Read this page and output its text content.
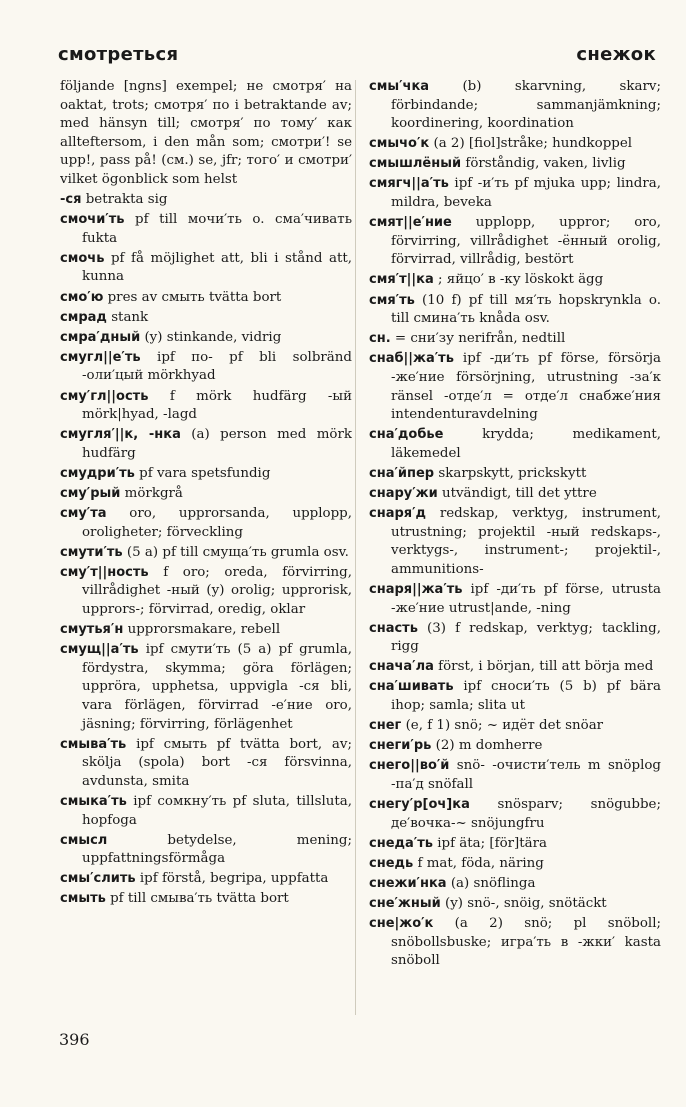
смотреться	снежок

följande [ngns] exempel; не смотря′ на oaktat, trots; смотря′ по i betraktande av; med hänsyn till; смотря′ по тому′ как allteftersom, i den mån som; смотри′! se upp!, pass på! (см.) se, jfr; того′ и смотри′ vilket ögonblick som helst

-ся betrakta sig

смочи′ть pf till мочи′ть o. сма′чивать fukta

смочь pf få möjlighet att, bli i stånd att, kunna

смо′ю pres av смыть tvätta bort

смрад stank

смра′дный (y) stinkande, vidrig

смугл||е′ть ipf по- pf bli solbränd -оли′цый mörkhyad

сму′гл||ость f mörk hudfärg -ый mörk|hyad, -lagd

смугля′||к, -нка (a) person med mörk hudfärg

смудри′ть pf vara spetsfundig

сму′рый mörkgrå

сму′та oro, upprorsanda, upplopp, oroligheter; förveckling

смути′ть (5 a) pf till смуща′ть grumla osv.

сму′т||ность f oro; oreda, förvirring, villrådighet -ный (y) orolig; upprorisk, upprors-; förvirrad, oredig, oklar

смутья′н upprorsmakare, rebell

смущ||а′ть ipf смути′ть (5 a) pf grumla, fördystra, skymma; göra förlägen; uppröra, upphetsa, uppvigla -ся bli, vara förlägen, förvirrad -е′ние oro, jäsning; förvirring, förlägenhet

смыва′ть ipf смыть pf tvätta bort, av; skölja (spola) bort -ся försvinna, avdunsta, smita

смыка′ть ipf сомкну′ть pf sluta, tillsluta, hopfoga

смысл	betydelse, mening; uppfattningsförmåga

смы′слить ipf förstå, begripa, uppfatta

смыть pf till смыва′ть tvätta bort

смы′чка (b) skarvning, skarv; förbindande; sammanjämkning; koordinering, koordination

смычо′к (a 2) [fiol]stråke; hundkoppel

смышлёный förståndig, vaken, livlig

смягч||а′ть ipf -и′ть pf mjuka upp; lindra, mildra, beveka

смят||е′ние upplopp, uppror; oro, förvirring, villrådighet -ённый orolig, förvirrad, villrådig, bestört

смя′т||ка ; яйцо′ в -ку löskokt ägg

смя′ть (10 f) pf till мя′ть hopskrynkla o. till смина′ть knåda osv.

сн. = сни′зу nerifrån, nedtill

снаб||жа′ть ipf -ди′ть pf förse, försörja -же′ние försörjning, utrustning -за′к ränsel -отде′л = отде′л снабже′ния intendenturavdelning

сна′добье	krydda; medikament, läkemedel

сна′йпер skarpskytt, prickskytt

снару′жи utvändigt, till det yttre

снаря′д redskap, verktyg, instrument, utrustning; projektil -ный redskaps-, verktygs-, instrument-; projektil-, ammunitions-

снаря||жа′ть ipf -ди′ть pf förse, utrusta -же′ние utrust|ande, -ning

снасть (3) f redskap, verktyg; tackling, rigg

снача′ла först, i början, till att börja med

сна′шивать ipf сноси′ть (5 b) pf bära ihop; samla; slita ut

снег (e, f 1) snö; ~ идёт det snöar

снеги′рь (2) m domherre

снего||во′й snö- -очисти′тель m snöplog -па′д snöfall

снегу′р[оч]ка snösparv; snögubbe; де′вочка-~ snöjungfru

снеда′ть ipf äta; [för]tära

снедь f mat, föda, näring

снежи′нка (a) snöflinga

сне′жный (y) snö-, snöig, snötäckt

сне|жо′к (a 2) snö; pl snöboll; snöbollsbuske; игра′ть в -жки′ kasta snöboll

396
